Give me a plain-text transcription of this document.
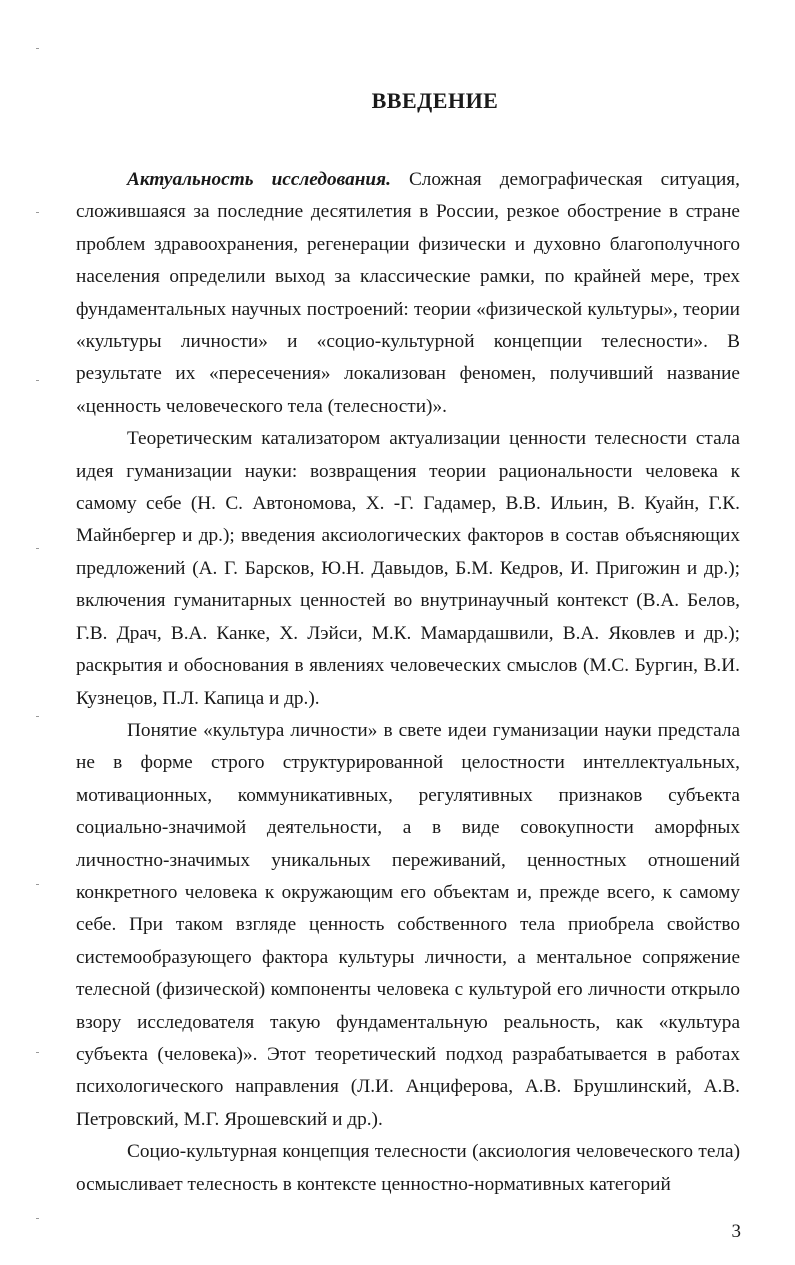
ВВЕДЕНИЕ

Актуальность исследования. Сложная демографическая ситуация, сложившаяся за последние десятилетия в России, резкое обострение в стране проблем здравоохранения, регенерации физически и духовно благополучного населения определили выход за классические рамки, по крайней мере, трех фундаментальных научных построений: теории «физической культуры», теории «культуры личности» и «социо-культурной концепции телесности». В результате их «пересечения» локализован феномен, получивший название «ценность человеческого тела (телесности)».

Теоретическим катализатором актуализации ценности телесности стала идея гуманизации науки: возвращения теории рациональности человека к самому себе (Н. С. Автономова, Х. -Г. Гадамер, В.В. Ильин, В. Куайн, Г.К. Майнбергер и др.); введения аксиологических факторов в состав объясняющих предложений (А. Г. Барсков, Ю.Н. Давыдов, Б.М. Кедров, И. Пригожин и др.); включения гуманитарных ценностей во внутринаучный контекст (В.А. Белов, Г.В. Драч, В.А. Канке, Х. Лэйси, М.К. Мамардашвили, В.А. Яковлев и др.); раскрытия и обоснования в явлениях человеческих смыслов (М.С. Бургин, В.И. Кузнецов, П.Л. Капица и др.).

Понятие «культура личности» в свете идеи гуманизации науки предстала не в форме строго структурированной целостности интеллектуальных, мотивационных, коммуникативных, регулятивных признаков субъекта социально-значимой деятельности, а в виде совокупности аморфных личностно-значимых уникальных переживаний, ценностных отношений конкретного человека к окружающим его объектам и, прежде всего, к самому себе. При таком взгляде ценность собственного тела приобрела свойство системообразующего фактора культуры личности, а ментальное сопряжение телесной (физической) компоненты человека с культурой его личности открыло взору исследователя такую фундаментальную реальность, как «культура субъекта (человека)». Этот теоретический подход разрабатывается в работах психологического направления (Л.И. Анциферова, А.В. Брушлинский, А.В. Петровский, М.Г. Ярошевский и др.).

Социо-культурная концепция телесности (аксиология человеческого тела) осмысливает телесность в контексте ценностно-нормативных категорий

3
